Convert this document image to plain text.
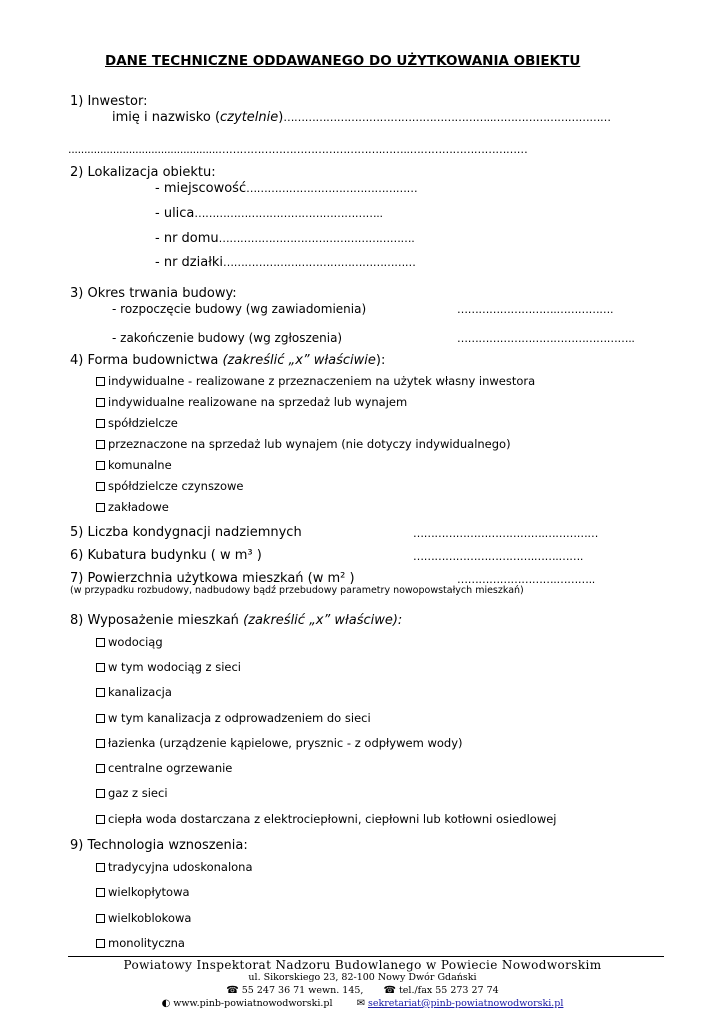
DANE TECHNICZNE ODDAWANEGO DO UŻYTKOWANIA OBIEKTU
1) Inwestor:
imię i nazwisko (czytelnie)…………………………………………………..……………………………
...............................................……………………………………….……..……………………………
2) Lokalizacja obiektu:
- miejscowość…………………………………………
- ulica……………………………………………..
- nr domu……………………………………………….
- nr działki………………………………………………
3) Okres trwania budowy:
- rozpoczęcie budowy (wg zawiadomienia)	……………………….…………….
- zakończenie budowy (wg zgłoszenia)	…………………………………………..
4) Forma budownictwa (zakreślić „x” właściwie):
indywidualne - realizowane z przeznaczeniem na użytek własny inwestora
indywidualne realizowane na sprzedaż lub wynajem
spółdzielcze
przeznaczone na sprzedaż lub wynajem (nie dotyczy indywidualnego)
komunalne
spółdzielcze czynszowe
zakładowe
5) Liczba kondygnacji nadziemnych	……………………………….……………
6) Kubatura budynku ( w m³ )	…………………………….…….…….
7) Powierzchnia użytkowa mieszkań (w m² )	……………………….………..
(w przypadku rozbudowy, nadbudowy bądź przebudowy parametry nowopowstałych mieszkań)
8) Wyposażenie mieszkań (zakreślić „x” właściwe):
wodociąg
w tym wodociąg z sieci
kanalizacja
w tym kanalizacja z odprowadzeniem do sieci
łazienka (urządzenie kąpielowe, prysznic - z odpływem wody)
centralne ogrzewanie
gaz z sieci
ciepła woda dostarczana z elektrociepłowni, ciepłowni lub kotłowni osiedlowej
9) Technologia wznoszenia:
tradycyjna udoskonalona
wielkopłytowa
wielkoblokowa
monolityczna
Powiatowy Inspektorat Nadzoru Budowlanego w Powiecie Nowodworskim
ul. Sikorskiego 23, 82-100 Nowy Dwór Gdański
☎ 55 247 36 71 wewn. 145, ☎ tel./fax 55 273 27 74
◐ www.pinb-powiatnowodworski.pl ✉ sekretariat@pinb-powiatnowodworski.pl
